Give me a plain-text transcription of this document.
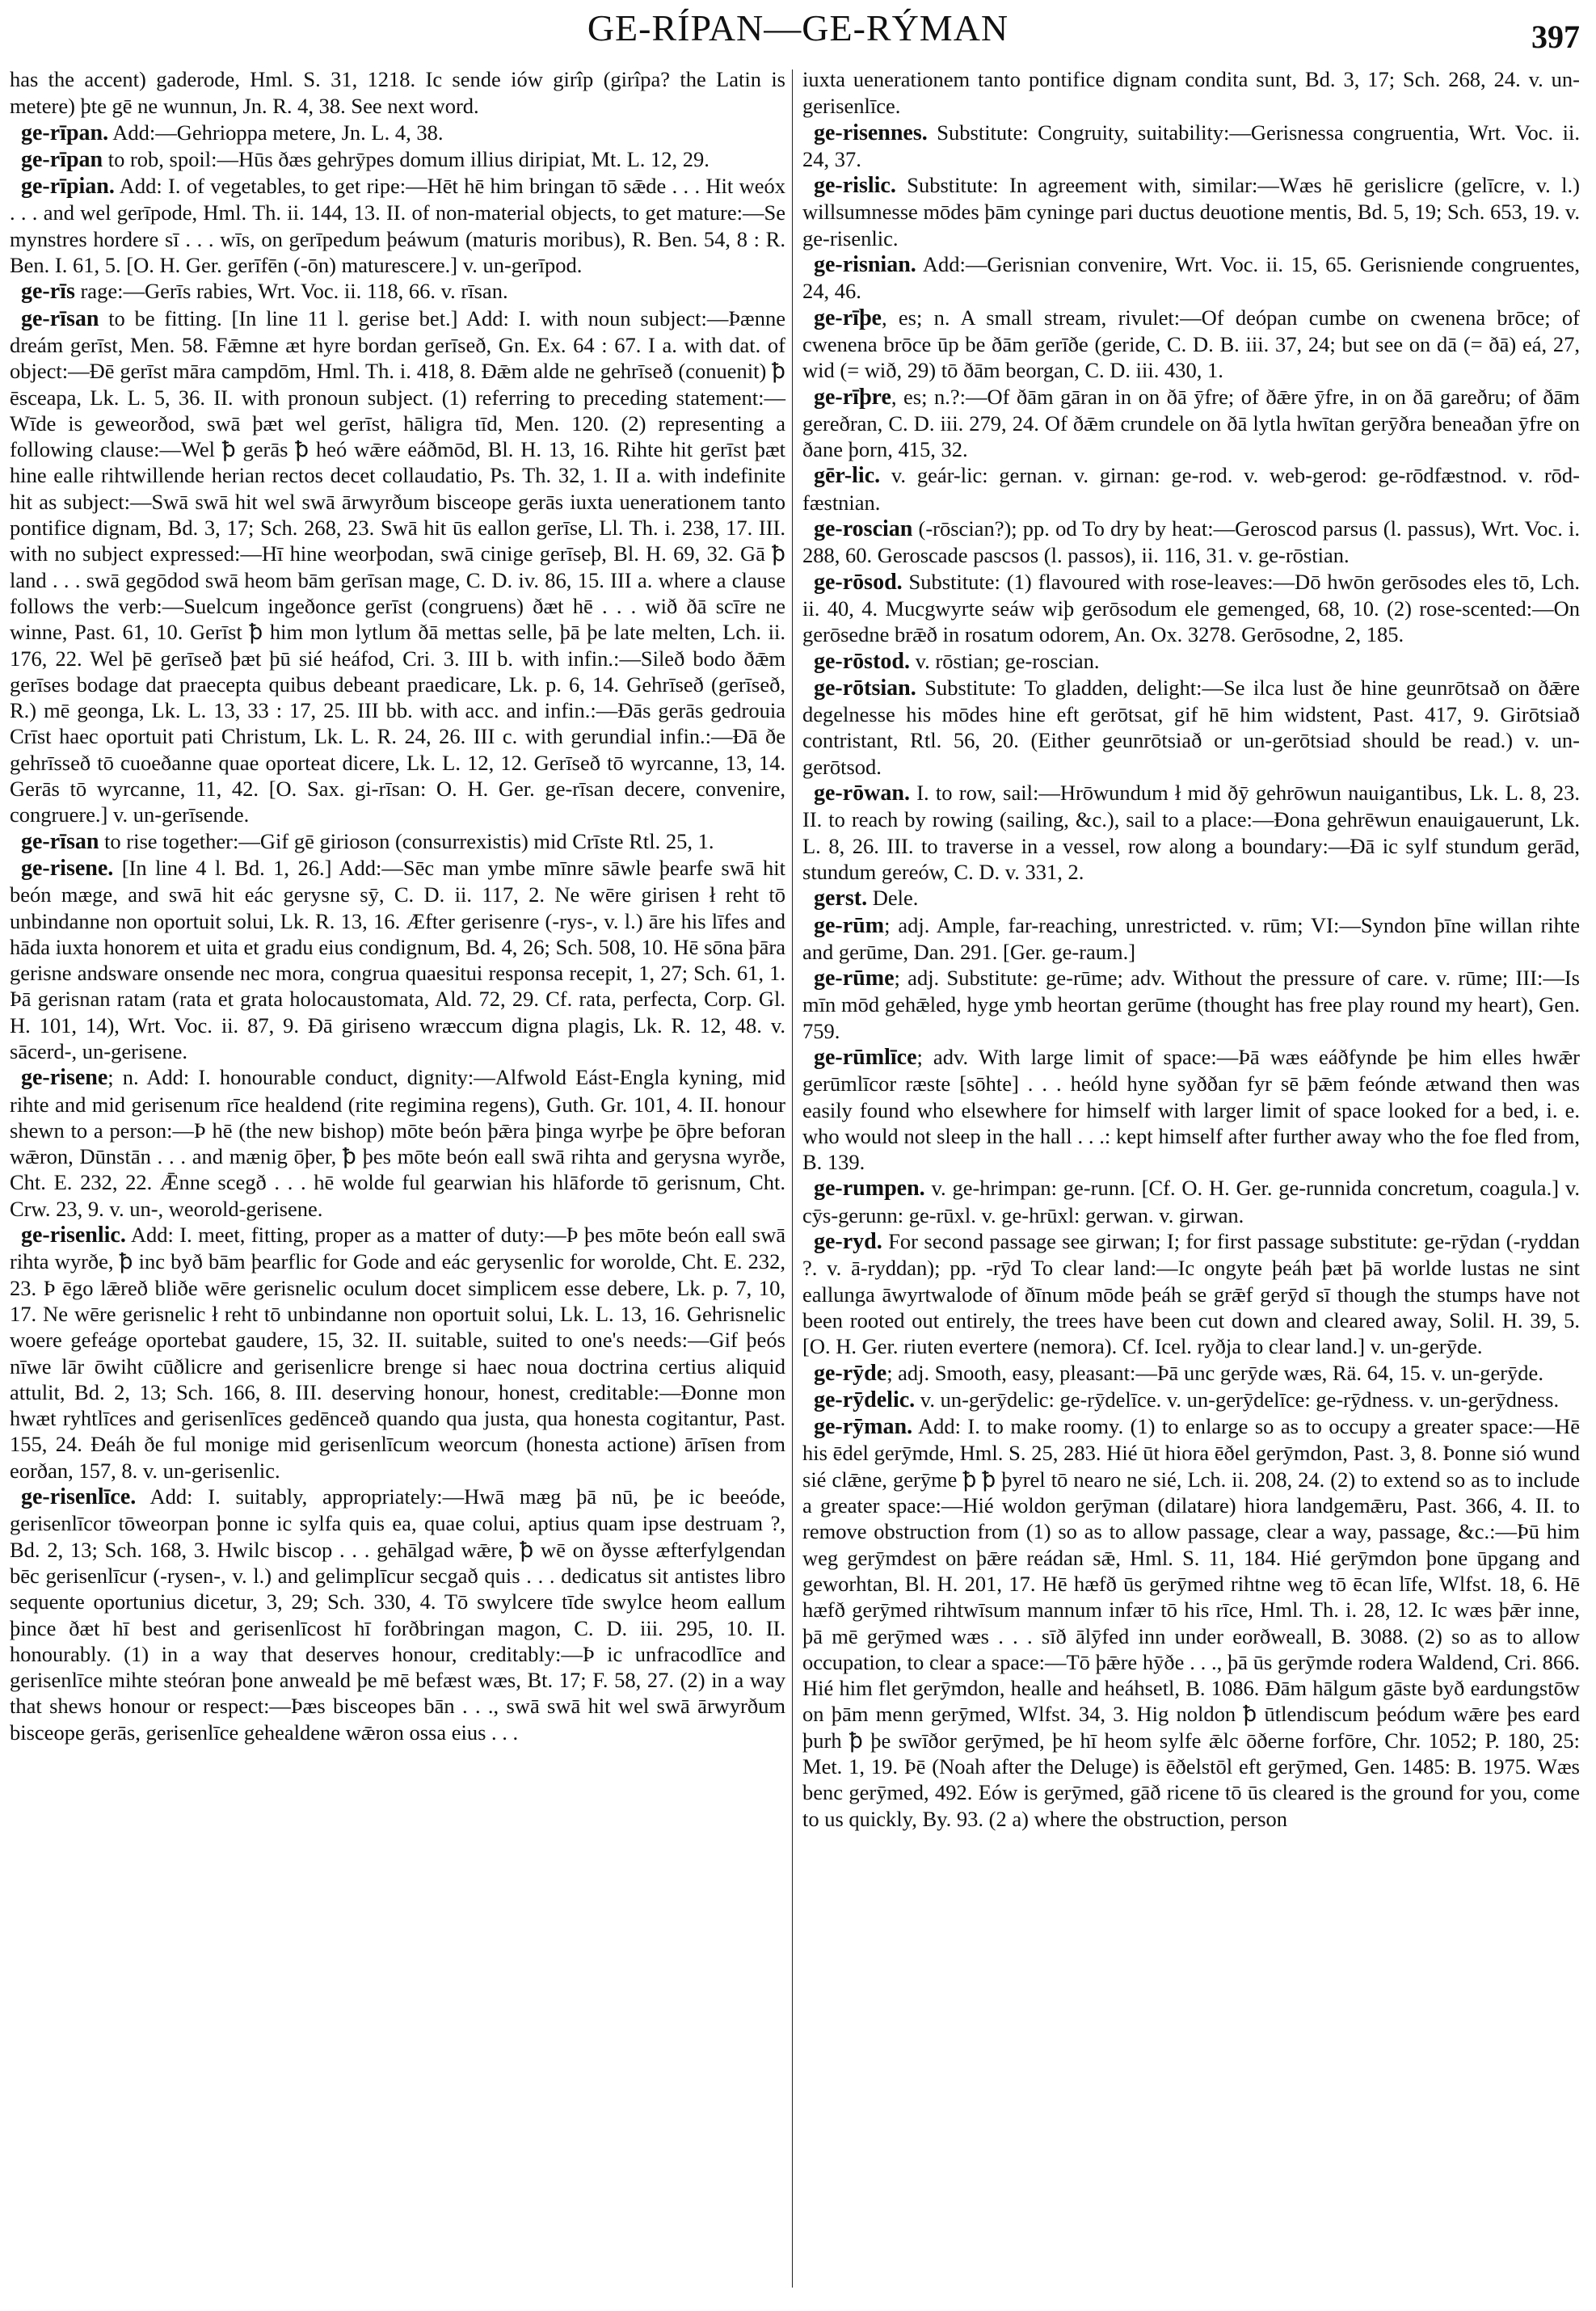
GE-RÍPAN—GE-RÝMAN	397

has the accent) gaderode, Hml. S. 31, 1218. Ic sende iów girîp (girîpa? the Latin is metere) þte gē ne wunnun, Jn. R. 4, 38. See next word.

ge-rīpan. Add:—Gehrioppa metere, Jn. L. 4, 38.

ge-rīpan to rob, spoil:—Hūs ðæs gehrȳpes domum illius diripiat, Mt. L. 12, 29.

ge-rīpian. Add: I. of vegetables, to get ripe:—Hēt hē him bringan tō sǣde . . . Hit weóx . . . and wel gerīpode, Hml. Th. ii. 144, 13. II. of non-material objects, to get mature:—Se mynstres hordere sī . . . wīs, on gerīpedum þeáwum (maturis moribus), R. Ben. 54, 8 : R. Ben. I. 61, 5. [O. H. Ger. gerīfēn (-ōn) maturescere.] v. un-gerīpod.

ge-rīs rage:—Gerīs rabies, Wrt. Voc. ii. 118, 66. v. rīsan.

ge-rīsan to be fitting. [In line 11 l. gerise bet.] Add: I. with noun subject:—Þænne dreám gerīst, Men. 58. Fǣmne æt hyre bordan gerīseð, Gn. Ex. 64 : 67. I a. with dat. of object:—Ðē gerīst māra campdōm, Hml. Th. i. 418, 8. Ðǣm alde ne gehrīseð (conuenit) ꝥ ēsceapa, Lk. L. 5, 36. II. with pronoun subject. (1) referring to preceding statement:—Wīde is geweorðod, swā þæt wel gerīst, hāligra tīd, Men. 120. (2) representing a following clause:—Wel ꝥ gerās ꝥ heó wǣre eáðmōd, Bl. H. 13, 16. Rihte hit gerīst þæt hine ealle rihtwillende herian rectos decet collaudatio, Ps. Th. 32, 1. II a. with indefinite hit as subject:—Swā swā hit wel swā ārwyrðum bisceope gerās iuxta uenerationem tanto pontifice dignam, Bd. 3, 17; Sch. 268, 23. Swā hit ūs eallon gerīse, Ll. Th. i. 238, 17. III. with no subject expressed:—Hī hine weorþodan, swā cinige gerīseþ, Bl. H. 69, 32. Gā ꝥ land . . . swā gegōdod swā heom bām gerīsan mage, C. D. iv. 86, 15. III a. where a clause follows the verb:—Suelcum ingeðonce gerīst (congruens) ðæt hē . . . wið ðā scīre ne winne, Past. 61, 10. Gerīst ꝥ him mon lytlum ðā mettas selle, þā þe late melten, Lch. ii. 176, 22. Wel þē gerīseð þæt þū sié heáfod, Cri. 3. III b. with infin.:—Sileð bodo ðǣm gerīses bodage dat praecepta quibus debeant praedicare, Lk. p. 6, 14. Gehrīseð (gerīseð, R.) mē geonga, Lk. L. 13, 33 : 17, 25. III bb. with acc. and infin.:—Ðās gerās gedrouia Crīst haec oportuit pati Christum, Lk. L. R. 24, 26. III c. with gerundial infin.:—Ðā ðe gehrīsseð tō cuoeðanne quae oporteat dicere, Lk. L. 12, 12. Gerīseð tō wyrcanne, 13, 14. Gerās tō wyrcanne, 11, 42. [O. Sax. gi-rīsan: O. H. Ger. ge-rīsan decere, convenire, congruere.] v. un-gerīsende.

ge-rīsan to rise together:—Gif gē girioson (consurrexistis) mid Crīste Rtl. 25, 1.

ge-risene. [In line 4 l. Bd. 1, 26.] Add:—Sēc man ymbe mīnre sāwle þearfe swā hit beón mæge, and swā hit eác gerysne sȳ, C. D. ii. 117, 2. Ne wēre girisen ł reht tō unbindanne non oportuit solui, Lk. R. 13, 16. Æfter gerisenre (-rys-, v. l.) āre his līfes and hāda iuxta honorem et uita et gradu eius condignum, Bd. 4, 26; Sch. 508, 10. Hē sōna þāra gerisne andsware onsende nec mora, congrua quaesitui responsa recepit, 1, 27; Sch. 61, 1. Þā gerisnan ratam (rata et grata holocaustomata, Ald. 72, 29. Cf. rata, perfecta, Corp. Gl. H. 101, 14), Wrt. Voc. ii. 87, 9. Ðā giriseno wræccum digna plagis, Lk. R. 12, 48. v. sācerd-, un-gerisene.

ge-risene; n. Add: I. honourable conduct, dignity:—Alfwold Eást-Engla kyning, mid rihte and mid gerisenum rīce healdend (rite regimina regens), Guth. Gr. 101, 4. II. honour shewn to a person:—Þ hē (the new bishop) mōte beón þǣra þinga wyrþe þe ōþre beforan wǣron, Dūnstān . . . and mænig ōþer, ꝥ þes mōte beón eall swā rihta and gerysna wyrðe, Cht. E. 232, 22. Ǣnne scegð . . . hē wolde ful gearwian his hlāforde tō gerisnum, Cht. Crw. 23, 9. v. un-, weorold-gerisene.

ge-risenlic. Add: I. meet, fitting, proper as a matter of duty:—Þ þes mōte beón eall swā rihta wyrðe, ꝥ inc byð bām þearflic for Gode and eác gerysenlic for worolde, Cht. E. 232, 23. Þ ēgo lǣreð bliðe wēre gerisnelic oculum docet simplicem esse debere, Lk. p. 7, 10, 17. Ne wēre gerisnelic ł reht tō unbindanne non oportuit solui, Lk. L. 13, 16. Gehrisnelic woere gefeáge oportebat gaudere, 15, 32. II. suitable, suited to one's needs:—Gif þeós nīwe lār ōwiht cūðlicre and gerisenlicre brenge si haec noua doctrina certius aliquid attulit, Bd. 2, 13; Sch. 166, 8. III. deserving honour, honest, creditable:—Ðonne mon hwæt ryhtlīces and gerisenlīces gedēnceð quando qua justa, qua honesta cogitantur, Past. 155, 24. Ðeáh ðe ful monige mid gerisenlīcum weorcum (honesta actione) ārīsen from eorðan, 157, 8. v. un-gerisenlic.

ge-risenlīce. Add: I. suitably, appropriately:—Hwā mæg þā nū, þe ic beeóde, gerisenlīcor tōweorpan þonne ic sylfa quis ea, quae colui, aptius quam ipse destruam ?, Bd. 2, 13; Sch. 168, 3. Hwilc biscop . . . gehālgad wǣre, ꝥ wē on ðysse æfterfylgendan bēc gerisenlīcur (-rysen-, v. l.) and gelimplīcur secgað quis . . . dedicatus sit antistes libro sequente oportunius dicetur, 3, 29; Sch. 330, 4. Tō swylcere tīde swylce heom eallum þince ðæt hī best and gerisenlīcost hī forðbringan magon, C. D. iii. 295, 10. II. honourably. (1) in a way that deserves honour, creditably:—Þ ic unfracodlīce and gerisenlīce mihte steóran þone anweald þe mē befæst wæs, Bt. 17; F. 58, 27. (2) in a way that shews honour or respect:—Þæs bisceopes bān . . ., swā swā hit wel swā ārwyrðum bisceope gerās, gerisenlīce gehealdene wǣron ossa eius . . .

iuxta uenerationem tanto pontifice dignam condita sunt, Bd. 3, 17; Sch. 268, 24. v. un-gerisenlīce.

ge-risennes. Substitute: Congruity, suitability:—Gerisnessa congruentia, Wrt. Voc. ii. 24, 37.

ge-rislic. Substitute: In agreement with, similar:—Wæs hē gerislicre (gelīcre, v. l.) willsumnesse mōdes þām cyninge pari ductus deuotione mentis, Bd. 5, 19; Sch. 653, 19. v. ge-risenlic.

ge-risnian. Add:—Gerisnian convenire, Wrt. Voc. ii. 15, 65. Gerisniende congruentes, 24, 46.

ge-rīþe, es; n. A small stream, rivulet:—Of deópan cumbe on cwenena brōce; of cwenena brōce ūp be ðām gerīðe (geride, C. D. B. iii. 37, 24; but see on dā (= ðā) eá, 27, wid (= wið, 29) tō ðām beorgan, C. D. iii. 430, 1.

ge-rīþre, es; n.?:—Of ðām gāran in on ðā ȳfre; of ðǣre ȳfre, in on ðā gareðru; of ðām gereðran, C. D. iii. 279, 24. Of ðǣm crundele on ðā lytla hwītan gerȳðra beneaðan ȳfre on ðane þorn, 415, 32.

gēr-lic. v. geár-lic: gernan. v. girnan: ge-rod. v. web-gerod: ge-rōdfæstnod. v. rōd-fæstnian.

ge-roscian (-rōscian?); pp. od To dry by heat:—Geroscod parsus (l. passus), Wrt. Voc. i. 288, 60. Geroscade pascsos (l. passos), ii. 116, 31. v. ge-rōstian.

ge-rōsod. Substitute: (1) flavoured with rose-leaves:—Dō hwōn gerōsodes eles tō, Lch. ii. 40, 4. Mucgwyrte seáw wiþ gerōsodum ele gemenged, 68, 10. (2) rose-scented:—On gerōsedne brǣð in rosatum odorem, An. Ox. 3278. Gerōsodne, 2, 185.

ge-rōstod. v. rōstian; ge-roscian.

ge-rōtsian. Substitute: To gladden, delight:—Se ilca lust ðe hine geunrōtsað on ðǣre degelnesse his mōdes hine eft gerōtsat, gif hē him widstent, Past. 417, 9. Girōtsiað contristant, Rtl. 56, 20. (Either geunrōtsiað or un-gerōtsiad should be read.) v. un-gerōtsod.

ge-rōwan. I. to row, sail:—Hrōwundum ł mid ðȳ gehrōwun nauigantibus, Lk. L. 8, 23. II. to reach by rowing (sailing, &c.), sail to a place:—Ðona gehrēwun enauigauerunt, Lk. L. 8, 26. III. to traverse in a vessel, row along a boundary:—Ðā ic sylf stundum gerād, stundum gereów, C. D. v. 331, 2.

gerst. Dele.

ge-rūm; adj. Ample, far-reaching, unrestricted. v. rūm; VI:—Syndon þīne willan rihte and gerūme, Dan. 291. [Ger. ge-raum.]

ge-rūme; adj. Substitute: ge-rūme; adv. Without the pressure of care. v. rūme; III:—Is mīn mōd gehǣled, hyge ymb heortan gerūme (thought has free play round my heart), Gen. 759.

ge-rūmlīce; adv. With large limit of space:—Þā wæs eáðfynde þe him elles hwǣr gerūmlīcor ræste [sōhte] . . . heóld hyne syððan fyr sē þǣm feónde ætwand then was easily found who elsewhere for himself with larger limit of space looked for a bed, i. e. who would not sleep in the hall . . .: kept himself after further away who the foe fled from, B. 139.

ge-rumpen. v. ge-hrimpan: ge-runn. [Cf. O. H. Ger. ge-runnida concretum, coagula.] v. cȳs-gerunn: ge-rūxl. v. ge-hrūxl: gerwan. v. girwan.

ge-ryd. For second passage see girwan; I; for first passage substitute: ge-rȳdan (-ryddan ?. v. ā-ryddan); pp. -rȳd To clear land:—Ic ongyte þeáh þæt þā worlde lustas ne sint eallunga āwyrtwalode of ðīnum mōde þeáh se grǣf gerȳd sī though the stumps have not been rooted out entirely, the trees have been cut down and cleared away, Solil. H. 39, 5. [O. H. Ger. riuten evertere (nemora). Cf. Icel. ryðja to clear land.] v. un-gerȳde.

ge-rȳde; adj. Smooth, easy, pleasant:—Þā unc gerȳde wæs, Rä. 64, 15. v. un-gerȳde.

ge-rȳdelic. v. un-gerȳdelic: ge-rȳdelīce. v. un-gerȳdelīce: ge-rȳdness. v. un-gerȳdness.

ge-rȳman. Add: I. to make roomy. (1) to enlarge so as to occupy a greater space:—Hē his ēdel gerȳmde, Hml. S. 25, 283. Hié ūt hiora ēðel gerȳmdon, Past. 3, 8. Þonne sió wund sié clǣne, gerȳme ꝥ ꝥ þyrel tō nearo ne sié, Lch. ii. 208, 24. (2) to extend so as to include a greater space:—Hié woldon gerȳman (dilatare) hiora landgemǣru, Past. 366, 4. II. to remove obstruction from (1) so as to allow passage, clear a way, passage, &c.:—Þū him weg gerȳmdest on þǣre reádan sǣ, Hml. S. 11, 184. Hié gerȳmdon þone ūpgang and geworhtan, Bl. H. 201, 17. Hē hæfð ūs gerȳmed rihtne weg tō ēcan līfe, Wlfst. 18, 6. Hē hæfð gerȳmed rihtwīsum mannum infær tō his rīce, Hml. Th. i. 28, 12. Ic wæs þǣr inne, þā mē gerȳmed wæs . . . sīð ālȳfed inn under eorðweall, B. 3088. (2) so as to allow occupation, to clear a space:—Tō þǣre hȳðe . . ., þā ūs gerȳmde rodera Waldend, Cri. 866. Hié him flet gerȳmdon, healle and heáhsetl, B. 1086. Ðām hālgum gāste byð eardungstōw on þām menn gerȳmed, Wlfst. 34, 3. Hig noldon ꝥ ūtlendiscum þeódum wǣre þes eard þurh ꝥ þe swīðor gerȳmed, þe hī heom sylfe ǣlc ōðerne forfōre, Chr. 1052; P. 180, 25: Met. 1, 19. Þē (Noah after the Deluge) is ēðelstōl eft gerȳmed, Gen. 1485: B. 1975. Wæs benc gerȳmed, 492. Eów is gerȳmed, gāð ricene tō ūs cleared is the ground for you, come to us quickly, By. 93. (2 a) where the obstruction, person
